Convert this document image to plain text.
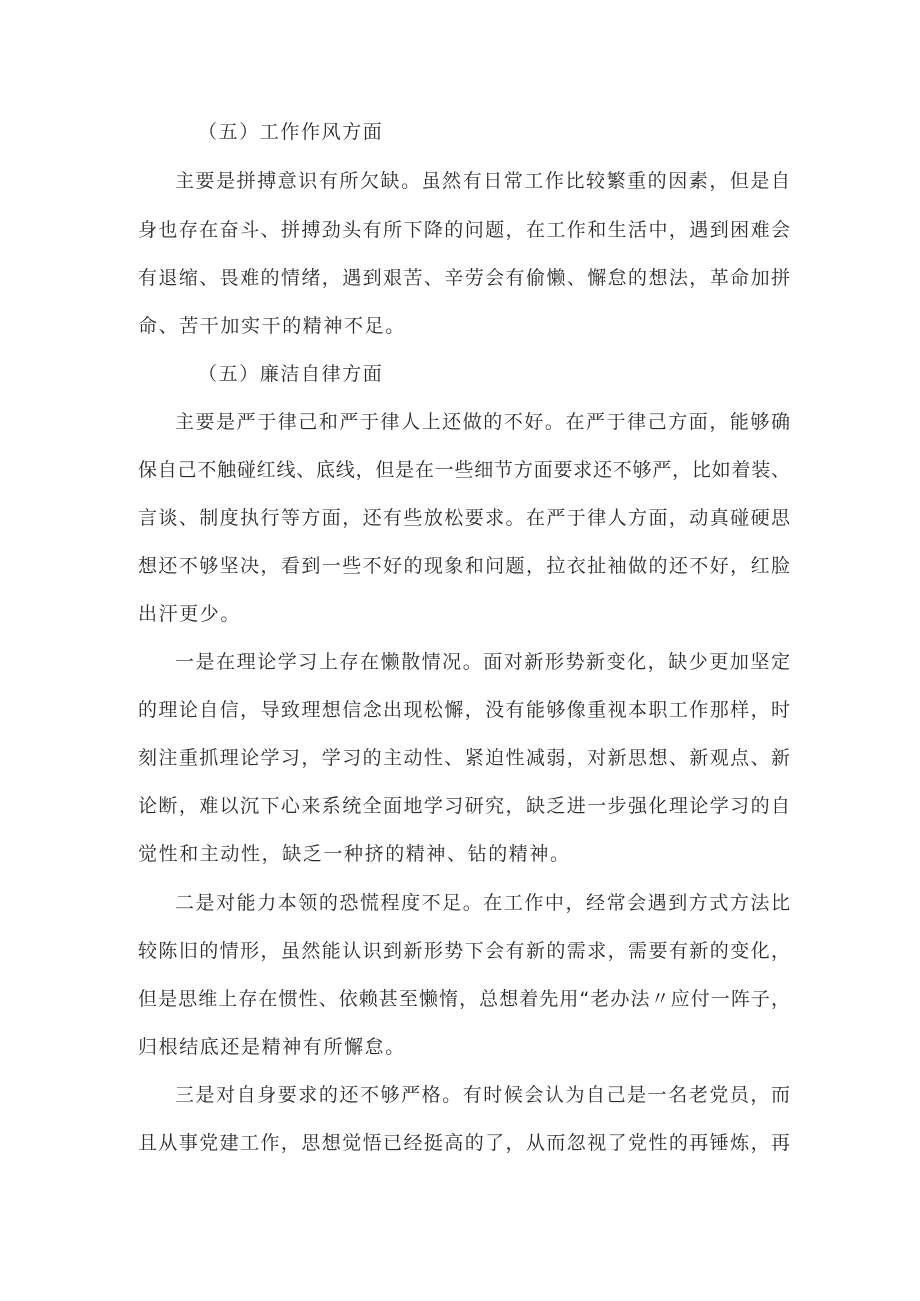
（五）工作作风方面
主要是拼搏意识有所欠缺。虽然有日常工作比较繁重的因素，但是自
身也存在奋斗、拼搏劲头有所下降的问题，在工作和生活中，遇到困难会
有退缩、畏难的情绪，遇到艰苦、辛劳会有偷懒、懈怠的想法，革命加拼
命、苦干加实干的精神不足。
（五）廉洁自律方面
主要是严于律己和严于律人上还做的不好。在严于律己方面，能够确
保自己不触碰红线、底线，但是在一些细节方面要求还不够严，比如着装、
言谈、制度执行等方面，还有些放松要求。在严于律人方面，动真碰硬思
想还不够坚决，看到一些不好的现象和问题，拉衣扯袖做的还不好，红脸
出汗更少。
一是在理论学习上存在懒散情况。面对新形势新变化，缺少更加坚定
的理论自信，导致理想信念出现松懈，没有能够像重视本职工作那样，时
刻注重抓理论学习，学习的主动性、紧迫性减弱，对新思想、新观点、新
论断，难以沉下心来系统全面地学习研究，缺乏进一步强化理论学习的自
觉性和主动性，缺乏一种挤的精神、钻的精神。
二是对能力本领的恐慌程度不足。在工作中，经常会遇到方式方法比
较陈旧的情形，虽然能认识到新形势下会有新的需求，需要有新的变化，
但是思维上存在惯性、依赖甚至懒惰，总想着先用“老办法〃应付一阵子，
归根结底还是精神有所懈怠。
三是对自身要求的还不够严格。有时候会认为自己是一名老党员，而
且从事党建工作，思想觉悟已经挺高的了，从而忽视了党性的再锤炼，再
